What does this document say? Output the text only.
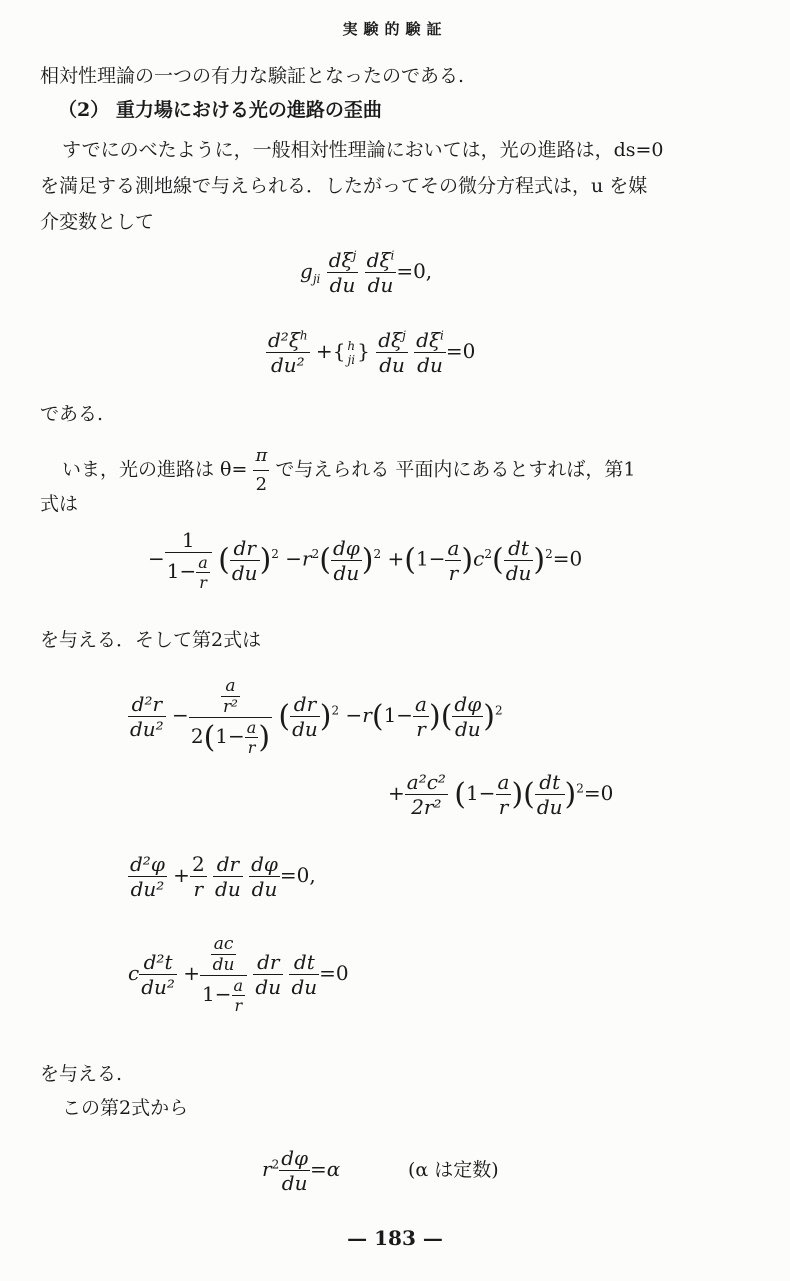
実験的験証
相対性理論の一つの有力な験証となったのである.
（2） 重力場における光の進路の歪曲
すでにのべたように，一般相対性理論においては，光の進路は，ds=0
を満足する測地線で与えられる．したがってその微分方程式は，u を媒
介変数として
$g_{ji} \frac{d\xi^j}{du}$
$\frac{d\xi^i}{du} =0$,
$\frac{d^2\xi^h}{\text{du²}}$ +{ h
ji } $\frac{d\xi^j}{du}$
$\frac{d\xi^i}{du} =0$
である.
いま，光の進路は $\theta= \frac{\pi}{2}$ で与えられる 平面内にあるとすれば，第1
式は
− $\frac{1}{1- \frac{a}{r}}$ ( $\frac{dr}{du} )^2 -r^2( \frac{d\varphi}{du} )^2 +(1- \frac{a}{r} )c^2( \frac{dt}{du} )^2=0$
を与える．そして第2式は
$\frac{\text{d²r}}{\text{du²}} - \frac{\frac{a}{\text{r²}}}{2(1- \frac{a}{r} )}$ ( $\frac{dr}{du} )^2 -r(1- \frac{a}{r}$ )( $\frac{d\varphi}{du} )^2$
+ $\frac{\text{a²c²}}{\text{2r²}} (1- \frac{a}{r}$ )( $\frac{dt}{du} )^2=0$
$\frac{\text{d²φ}}{\text{du²}} + \frac{2}{r}$
$\frac{dr}{du}$
$\frac{d\varphi}{du} =0$,
c $\frac{\text{d²t}}{\text{du²}} + \frac{\frac{ac}{du}}{1- \frac{a}{r}}$
$\frac{dr}{du}$
$\frac{dt}{du} =0$
を与える.
この第2式から
$r^2 \frac{d\varphi}{du} =\alpha$	(α は定数)
— 183 —
